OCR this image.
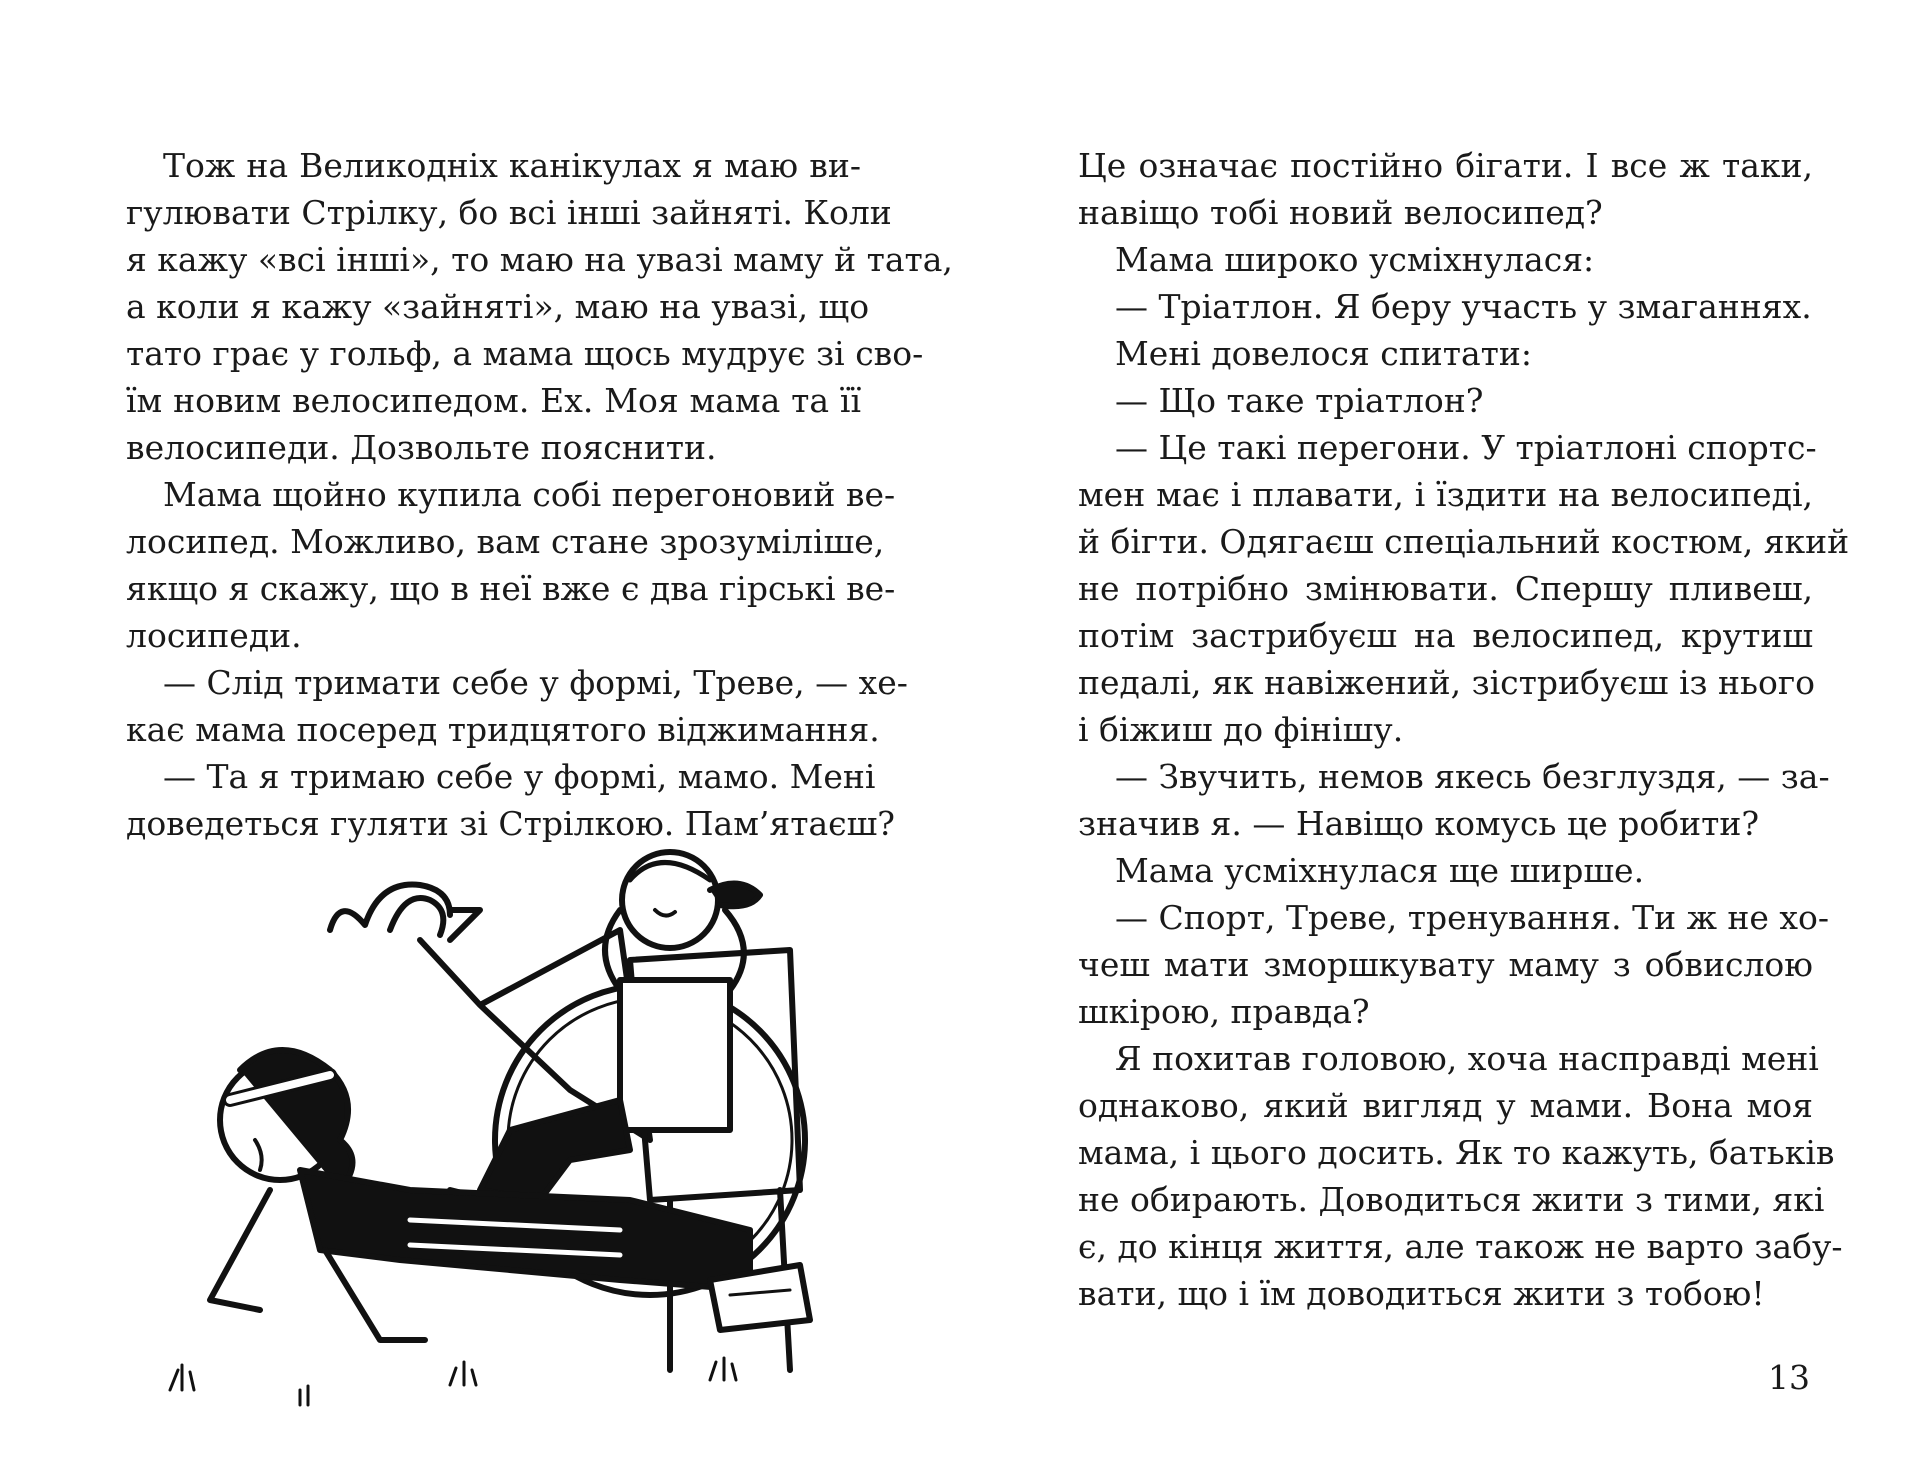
Тож на Великодніх канікулах я маю ви-
гулювати Стрілку, бо всі інші зайняті. Коли
я кажу «всі інші», то маю на увазі маму й тата,
а коли я кажу «зайняті», маю на увазі, що
тато грає у гольф, а мама щось мудрує зі сво-
їм новим велосипедом. Ех. Моя мама та її
велосипеди. Дозвольте пояснити.
Мама щойно купила собі перегоновий ве-
лосипед. Можливо, вам стане зрозуміліше,
якщо я скажу, що в неї вже є два гірські ве-
лосипеди.
— Слід тримати себе у формі, Треве, — хе-
кає мама посеред тридцятого віджимання.
— Та я тримаю себе у формі, мамо. Мені
доведеться гуляти зі Стрілкою. Пам’ятаєш?
Це означає постійно бігати. І все ж таки,
навіщо тобі новий велосипед?
Мама широко усміхнулася:
— Тріатлон. Я беру участь у змаганнях.
Мені довелося спитати:
— Що таке тріатлон?
— Це такі перегони. У тріатлоні спортс-
мен має і плавати, і їздити на велосипеді,
й бігти. Одягаєш спеціальний костюм, який
не потрібно змінювати. Спершу пливеш,
потім застрибуєш на велосипед, крутиш
педалі, як навіжений, зістрибуєш із нього
і біжиш до фінішу.
— Звучить, немов якесь безглуздя, — за-
значив я. — Навіщо комусь це робити?
Мама усміхнулася ще ширше.
— Спорт, Треве, тренування. Ти ж не хо-
чеш мати зморшкувату маму з обвислою
шкірою, правда?
Я похитав головою, хоча насправді мені
однаково, який вигляд у мами. Вона моя
мама, і цього досить. Як то кажуть, батьків
не обирають. Доводиться жити з тими, які
є, до кінця життя, але також не варто забу-
вати, що і їм доводиться жити з тобою!
13
